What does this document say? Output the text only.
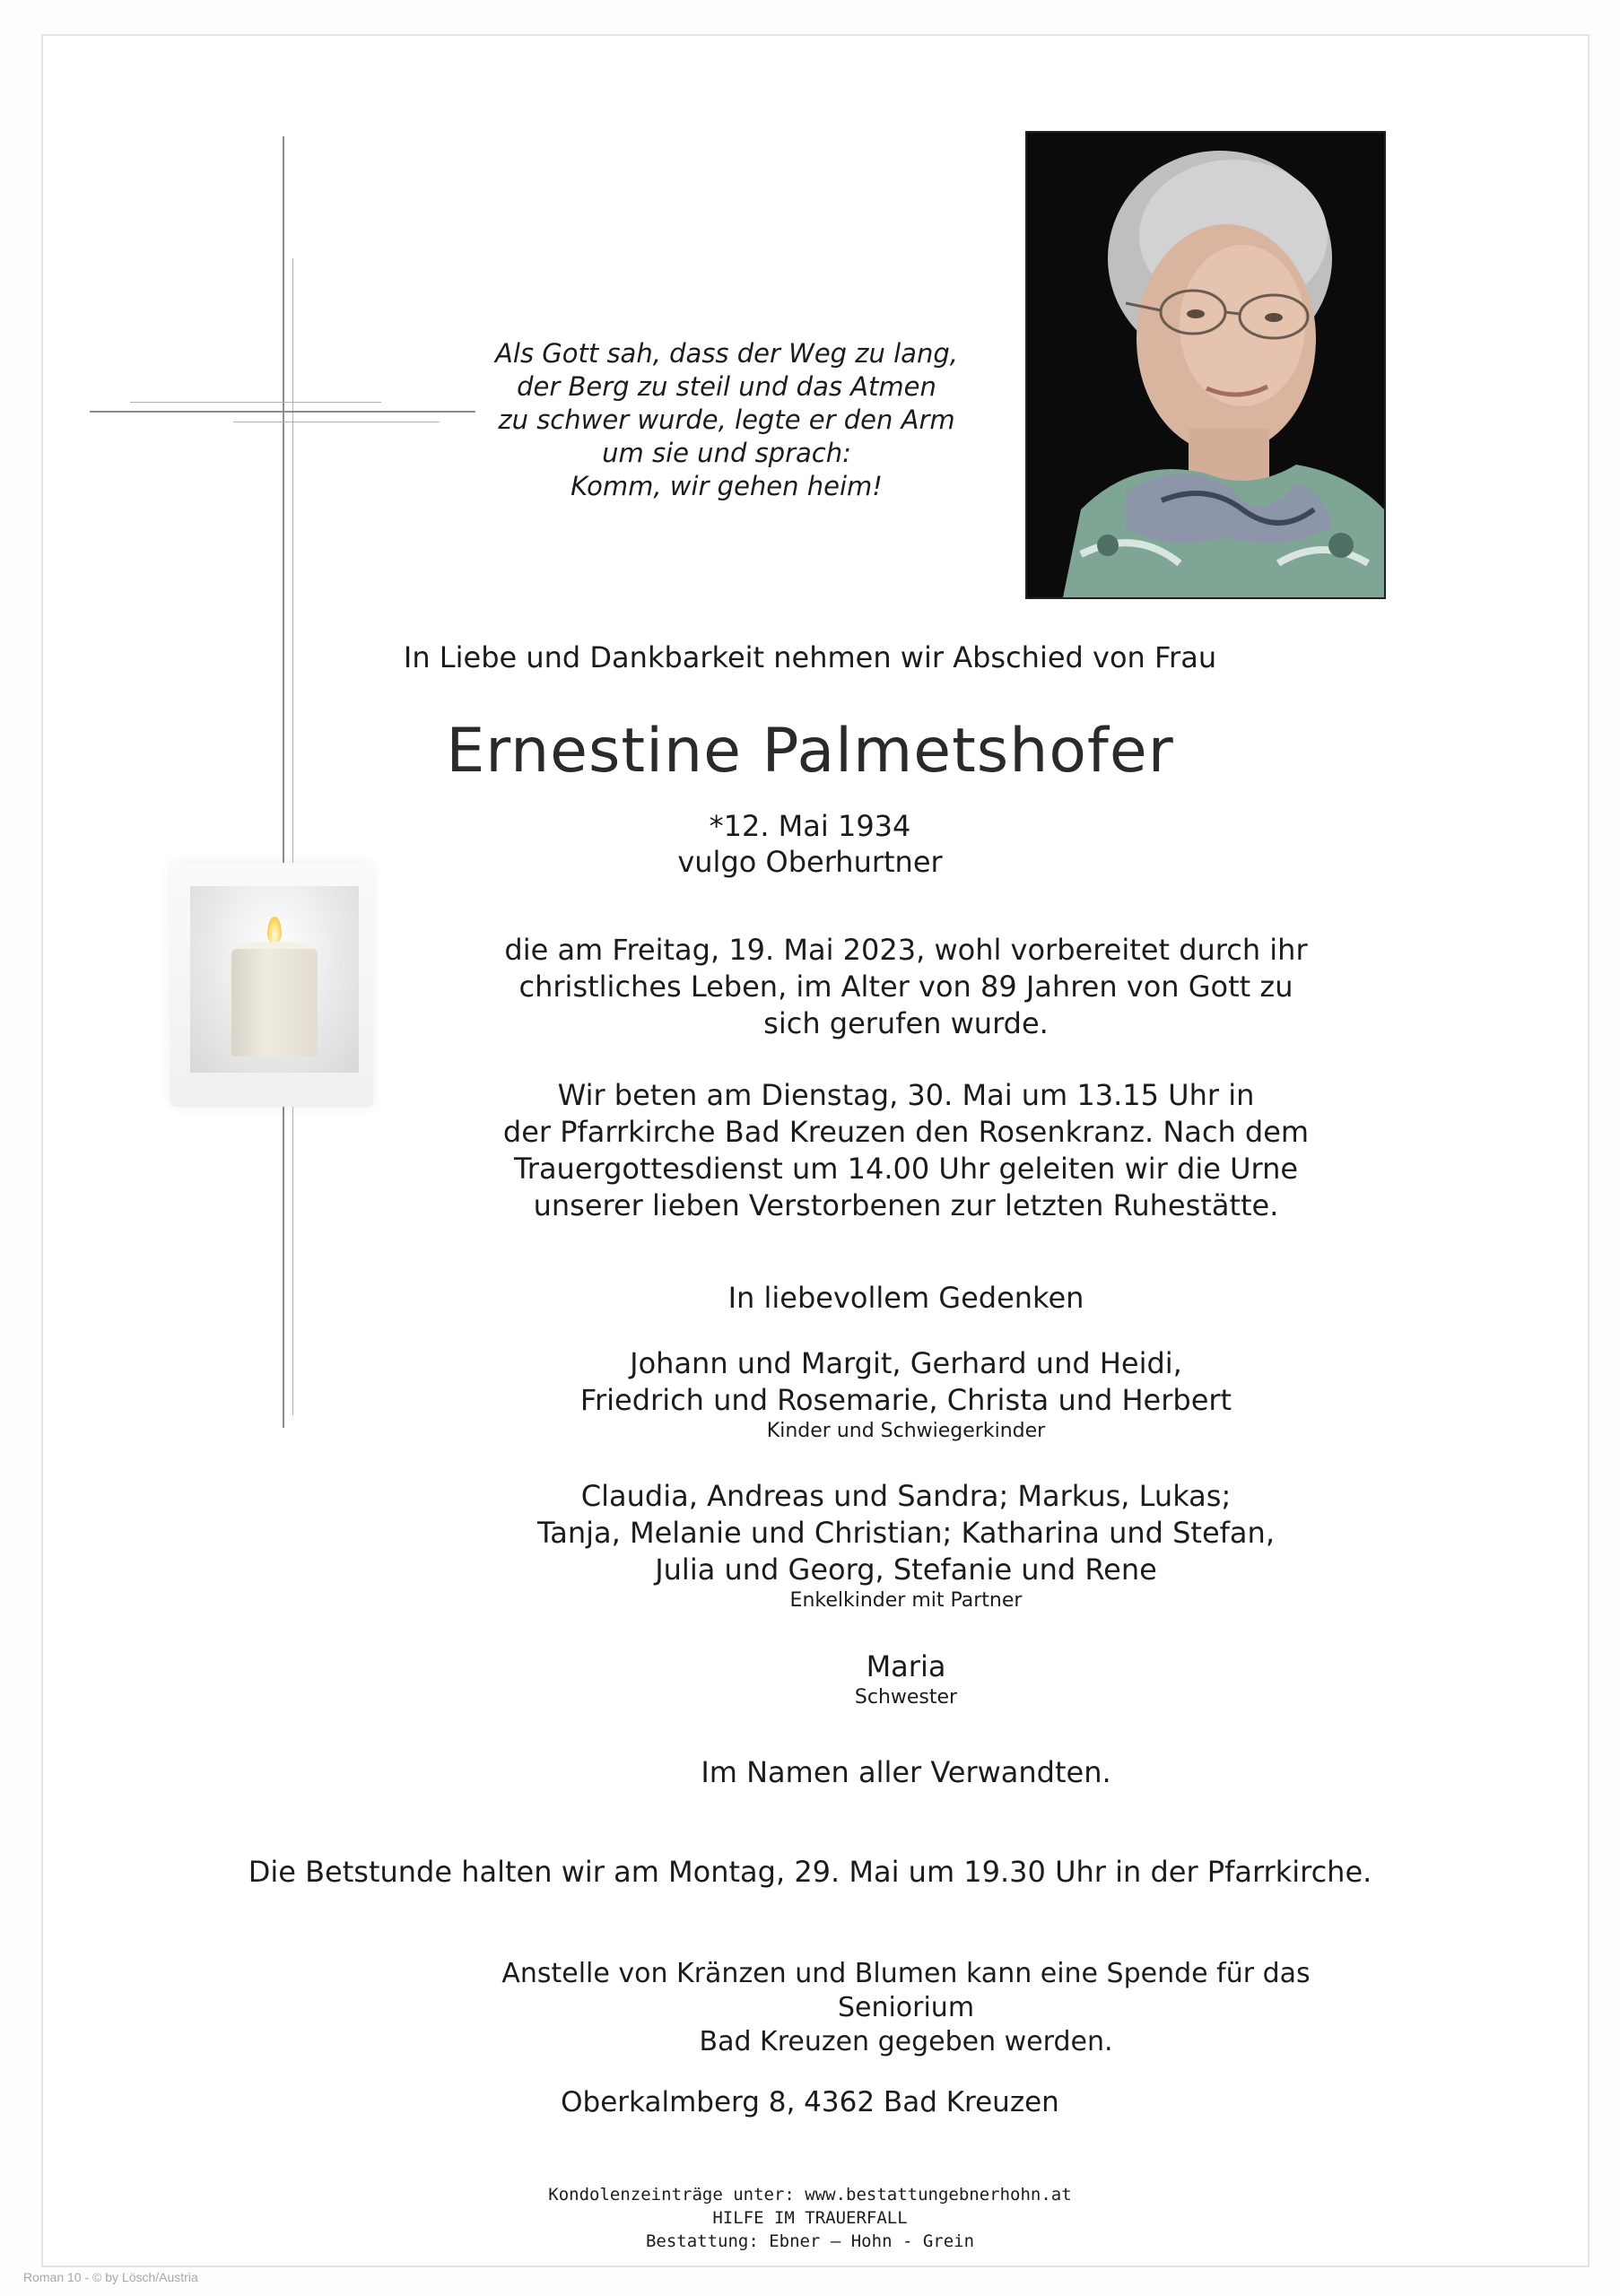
Als Gott sah, dass der Weg zu lang,
der Berg zu steil und das Atmen
zu schwer wurde, legte er den Arm
um sie und sprach:
Komm, wir gehen heim!

In Liebe und Dankbarkeit nehmen wir Abschied von Frau

Ernestine Palmetshofer

*12. Mai 1934

vulgo Oberhurtner

die am Freitag, 19. Mai 2023, wohl vorbereitet durch ihr
christliches Leben, im Alter von 89 Jahren von Gott zu
sich gerufen wurde.
Wir beten am Dienstag, 30. Mai um 13.15 Uhr in
der Pfarrkirche Bad Kreuzen den Rosenkranz. Nach dem
Trauergottesdienst um 14.00 Uhr geleiten wir die Urne
unserer lieben Verstorbenen zur letzten Ruhestätte.
In liebevollem Gedenken
Johann und Margit, Gerhard und Heidi,
Friedrich und Rosemarie, Christa und Herbert
Kinder und Schwiegerkinder
Claudia, Andreas und Sandra; Markus, Lukas;
Tanja, Melanie und Christian; Katharina und Stefan,
Julia und Georg, Stefanie und Rene
Enkelkinder mit Partner
Maria
Schwester
Im Namen aller Verwandten.

Die Betstunde halten wir am Montag, 29. Mai um 19.30 Uhr in der Pfarrkirche.

Anstelle von Kränzen und Blumen kann eine Spende für das Seniorium
Bad Kreuzen gegeben werden.

Oberkalmberg 8, 4362 Bad Kreuzen

Kondolenzeinträge unter: www.bestattungebnerhohn.at
HILFE IM TRAUERFALL
Bestattung: Ebner – Hohn - Grein
Roman 10 - © by Lösch/Austria
